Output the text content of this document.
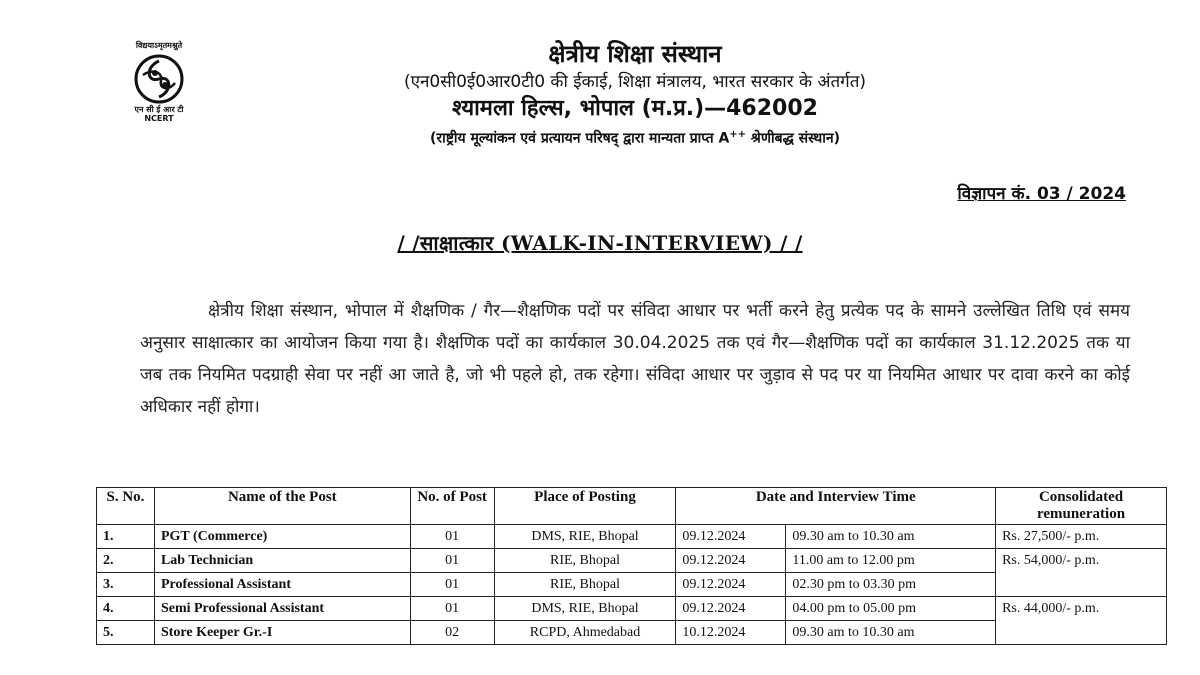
विद्ययाऽमृतमश्नुते
एन सी ई आर टी
NCERT
क्षेत्रीय शिक्षा संस्थान
(एन0सी0ई0आर0टी0 की ईकाई, शिक्षा मंत्रालय, भारत सरकार के अंतर्गत)
श्यामला हिल्स, भोपाल (म.प्र.)—462002
(राष्ट्रीय मूल्यांकन एवं प्रत्यायन परिषद् द्वारा मान्यता प्राप्त A++ श्रेणीबद्ध संस्थान)
विज्ञापन कं. 03 / 2024
/ /साक्षात्कार (WALK-IN-INTERVIEW) / /
क्षेत्रीय शिक्षा संस्थान, भोपाल में शैक्षणिक / गैर—शैक्षणिक पदों पर संविदा आधार पर भर्ती करने हेतु प्रत्येक पद के सामने उल्लेखित तिथि एवं समय अनुसार साक्षात्कार का आयोजन किया गया है। शैक्षणिक पदों का कार्यकाल 30.04.2025 तक एवं गैर—शैक्षणिक पदों का कार्यकाल 31.12.2025 तक या जब तक नियमित पदग्राही सेवा पर नहीं आ जाते है, जो भी पहले हो, तक रहेगा। संविदा आधार पर जुड़ाव से पद पर या नियमित आधार पर दावा करने का कोई अधिकार नहीं होगा।
S. No.	Name of the Post	No. of Post	Place of Posting	Date and Interview Time		Consolidated remuneration
1.	PGT (Commerce)	01	DMS, RIE, Bhopal	09.12.2024	09.30 am to 10.30 am	Rs. 27,500/- p.m.
2.	Lab Technician	01	RIE, Bhopal	09.12.2024	11.00 am to 12.00 pm	Rs. 54,000/- p.m.
3.	Professional Assistant	01	RIE, Bhopal	09.12.2024	02.30 pm to 03.30 pm	
4.	Semi Professional Assistant	01	DMS, RIE, Bhopal	09.12.2024	04.00 pm to 05.00 pm	Rs. 44,000/- p.m.
5.	Store Keeper Gr.-I	02	RCPD, Ahmedabad	10.12.2024	09.30 am to 10.30 am	
